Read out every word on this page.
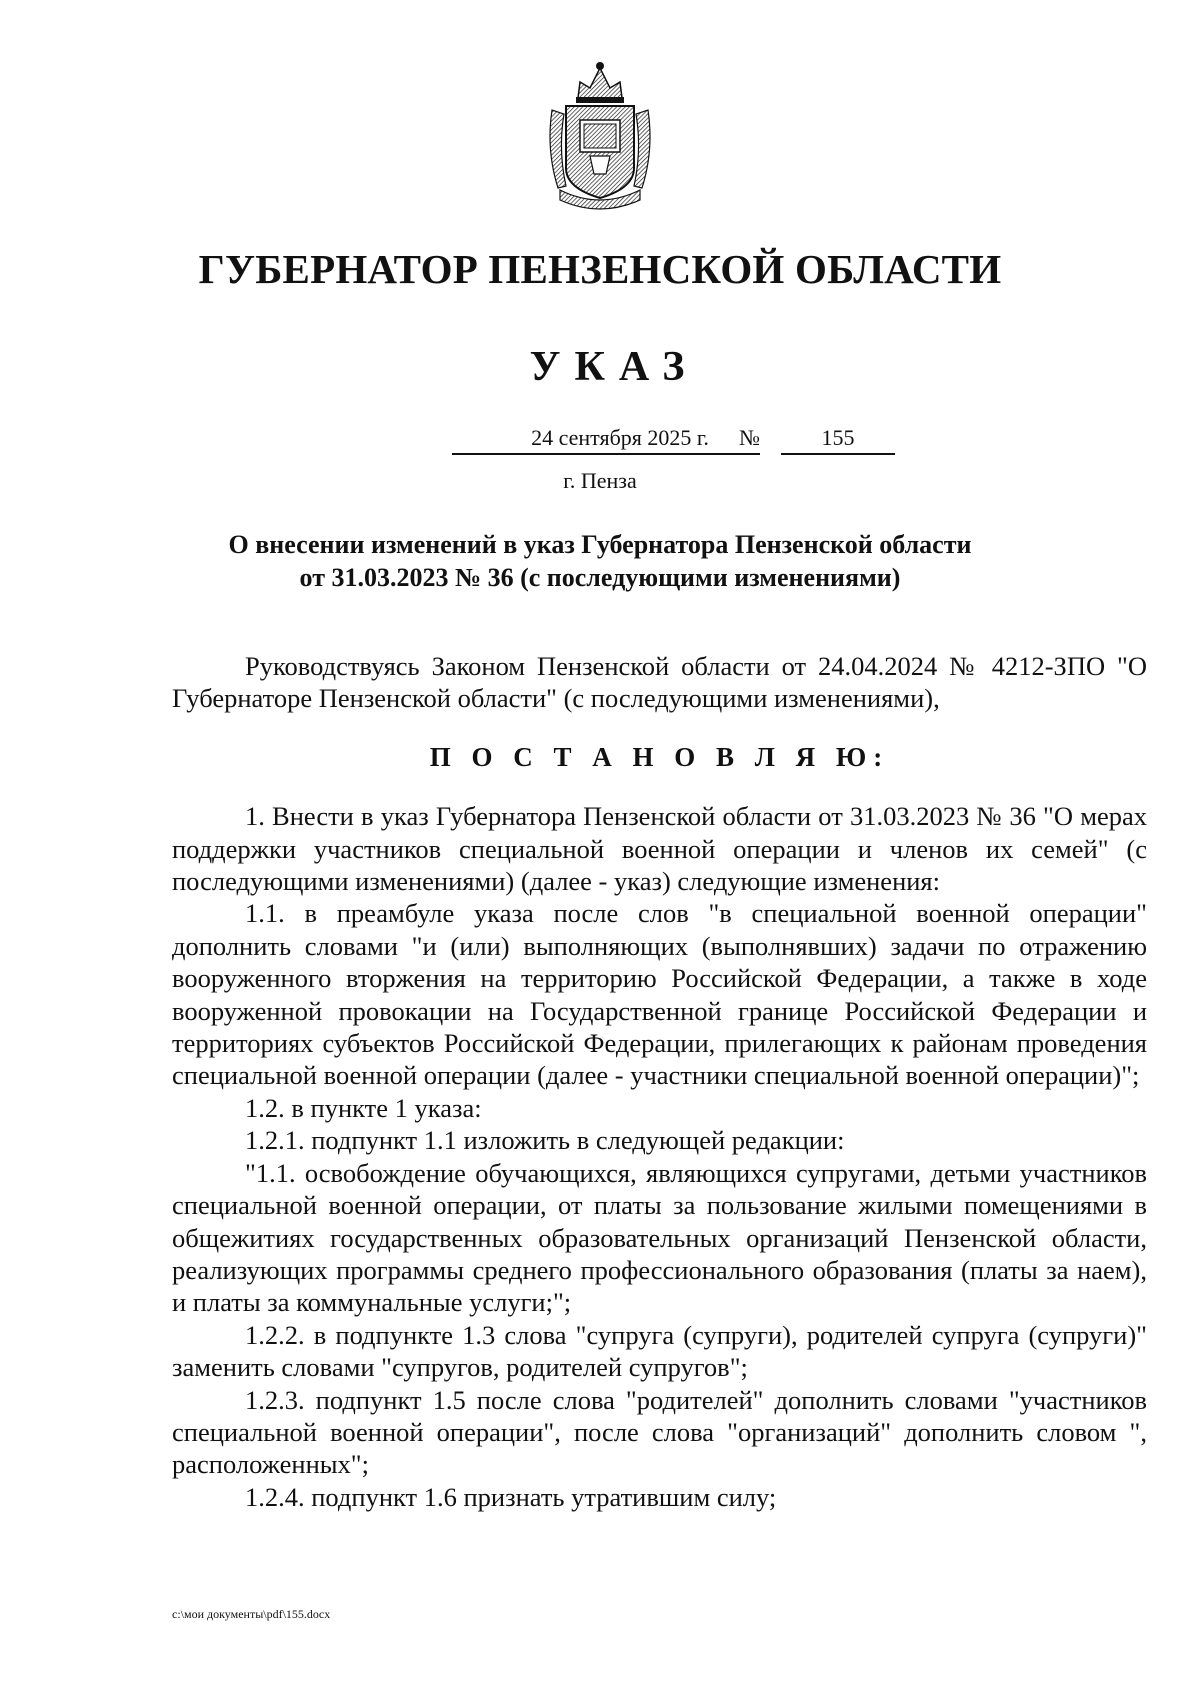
ГУБЕРНАТОР ПЕНЗЕНСКОЙ ОБЛАСТИ
УКАЗ
24 сентября 2025 г.	№	155
г. Пенза
О внесении изменений в указ Губернатора Пензенской области
от 31.03.2023 № 36 (с последующими изменениями)

Руководствуясь Законом Пензенской области от 24.04.2024 № 4212-ЗПО "О Губернаторе Пензенской области" (с последующими изменениями),

П О С Т А Н О В Л Я Ю:

1. Внести в указ Губернатора Пензенской области от 31.03.2023 № 36 "О мерах поддержки участников специальной военной операции и членов их семей" (с последующими изменениями) (далее - указ) следующие изменения:

1.1. в преамбуле указа после слов "в специальной военной операции" дополнить словами "и (или) выполняющих (выполнявших) задачи по отражению вооруженного вторжения на территорию Российской Федерации, а также в ходе вооруженной провокации на Государственной границе Российской Федерации и территориях субъектов Российской Федерации, прилегающих к районам проведения специальной военной операции (далее - участники специальной военной операции)";

1.2. в пункте 1 указа:

1.2.1. подпункт 1.1 изложить в следующей редакции:

"1.1. освобождение обучающихся, являющихся супругами, детьми участников специальной военной операции, от платы за пользование жилыми помещениями в общежитиях государственных образовательных организаций Пензенской области, реализующих программы среднего профессионального образования (платы за наем), и платы за коммунальные услуги;";

1.2.2. в подпункте 1.3 слова "супруга (супруги), родителей супруга (супруги)" заменить словами "супругов, родителей супругов";

1.2.3. подпункт 1.5 после слова "родителей" дополнить словами "участников специальной военной операции", после слова "организаций" дополнить словом ", расположенных";

1.2.4. подпункт 1.6 признать утратившим силу;

c:\мои документы\pdf\155.docx
